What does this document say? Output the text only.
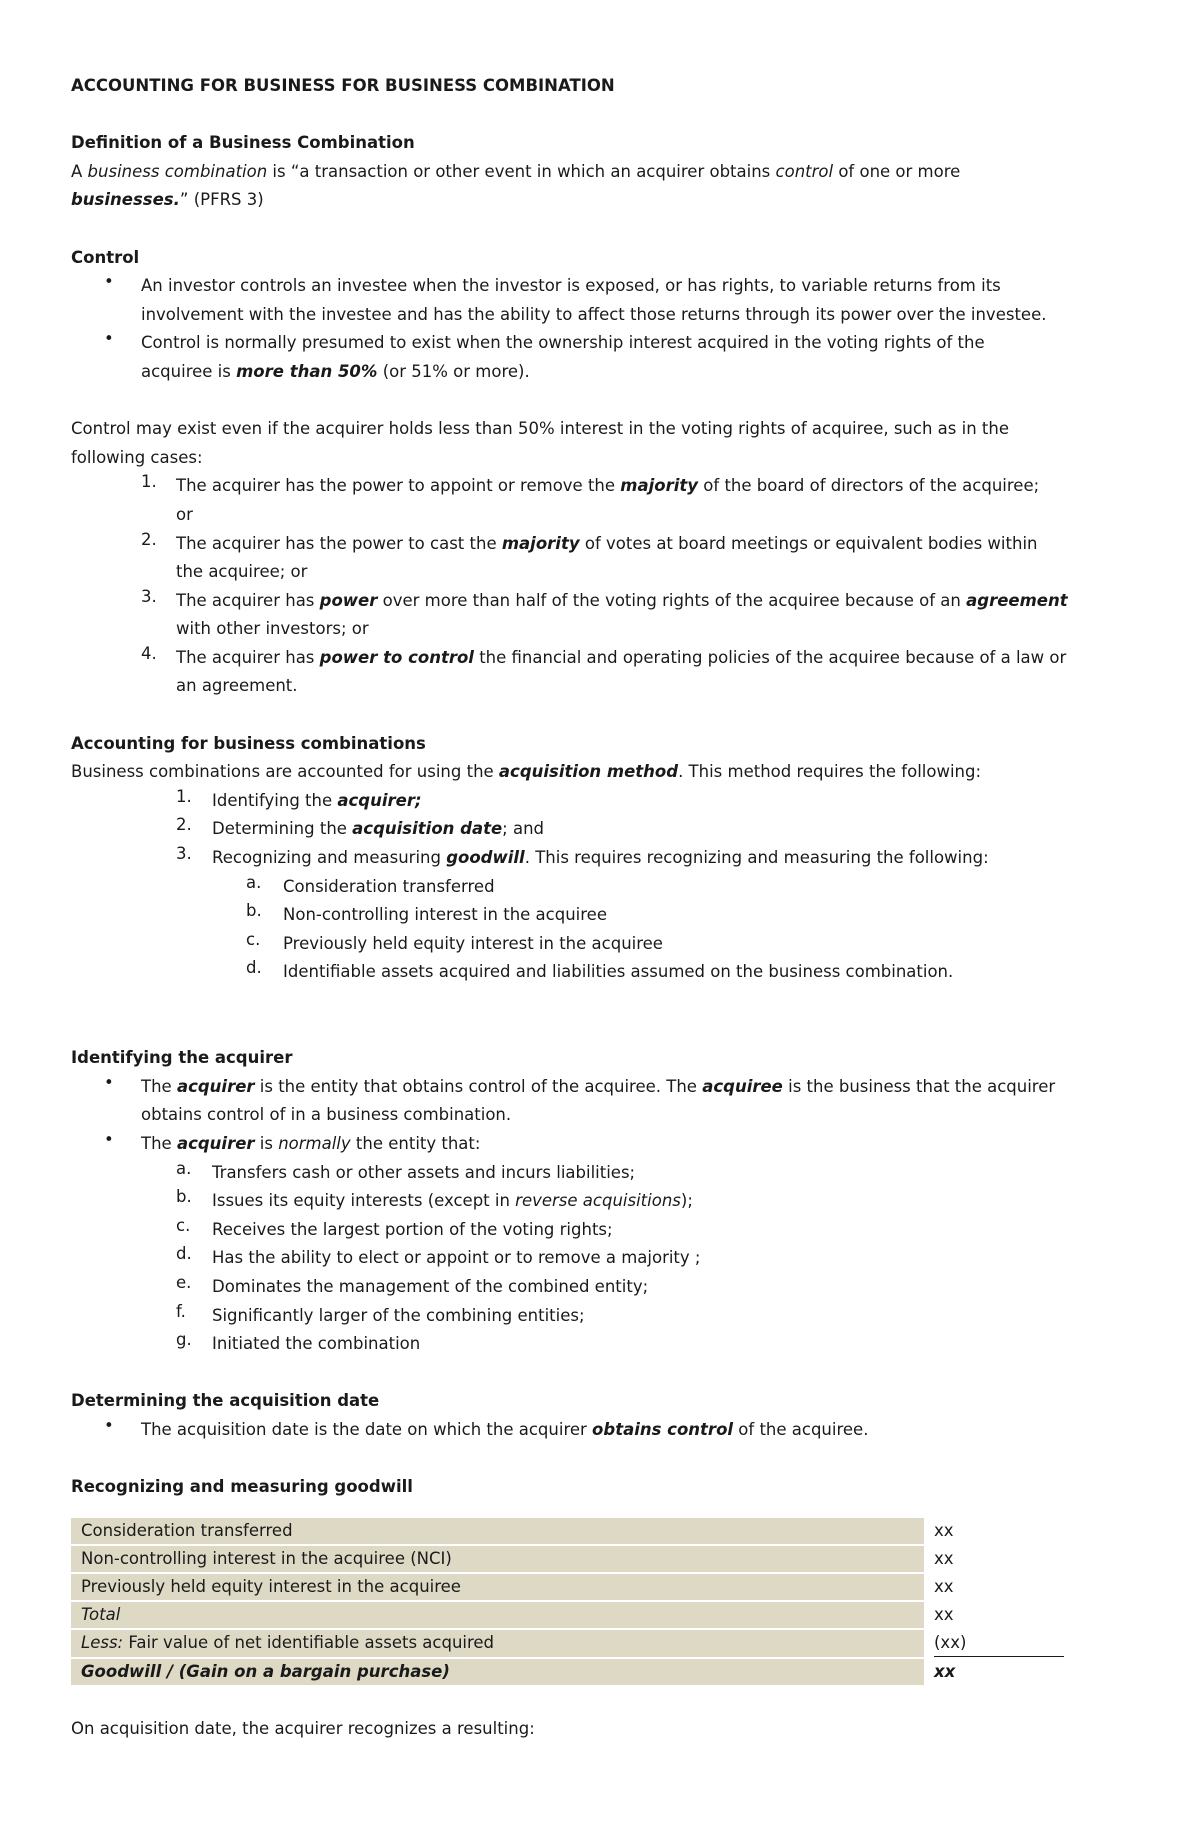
ACCOUNTING FOR BUSINESS FOR BUSINESS COMBINATION

Definition of a Business Combination

A business combination is “a transaction or other event in which an acquirer obtains control of one or more

businesses.” (PFRS 3)

Control

• An investor controls an investee when the investor is exposed, or has rights, to variable returns from its

involvement with the investee and has the ability to affect those returns through its power over the investee.

• Control is normally presumed to exist when the ownership interest acquired in the voting rights of the

acquiree is more than 50% (or 51% or more).

Control may exist even if the acquirer holds less than 50% interest in the voting rights of acquiree, such as in the

following cases:

1. The acquirer has the power to appoint or remove the majority of the board of directors of the acquiree;

or

2. The acquirer has the power to cast the majority of votes at board meetings or equivalent bodies within

the acquiree; or

3. The acquirer has power over more than half of the voting rights of the acquiree because of an agreement

with other investors; or

4. The acquirer has power to control the financial and operating policies of the acquiree because of a law or

an agreement.

Accounting for business combinations

Business combinations are accounted for using the acquisition method. This method requires the following:

1. Identifying the acquirer;

2. Determining the acquisition date; and

3. Recognizing and measuring goodwill. This requires recognizing and measuring the following:

a. Consideration transferred

b. Non-controlling interest in the acquiree

c. Previously held equity interest in the acquiree

d. Identifiable assets acquired and liabilities assumed on the business combination.

Identifying the acquirer

• The acquirer is the entity that obtains control of the acquiree. The acquiree is the business that the acquirer

obtains control of in a business combination.

• The acquirer is normally the entity that:

a. Transfers cash or other assets and incurs liabilities;

b. Issues its equity interests (except in reverse acquisitions);

c. Receives the largest portion of the voting rights;

d. Has the ability to elect or appoint or to remove a majority ;

e. Dominates the management of the combined entity;

f. Significantly larger of the combining entities;

g. Initiated the combination

Determining the acquisition date

• The acquisition date is the date on which the acquirer obtains control of the acquiree.

Recognizing and measuring goodwill

Consideration transferred		xx
Non-controlling interest in the acquiree (NCI)		xx
Previously held equity interest in the acquiree		xx
Total		xx
Less: Fair value of net identifiable assets acquired		(xx)
Goodwill / (Gain on a bargain purchase)		xx

On acquisition date, the acquirer recognizes a resulting:
